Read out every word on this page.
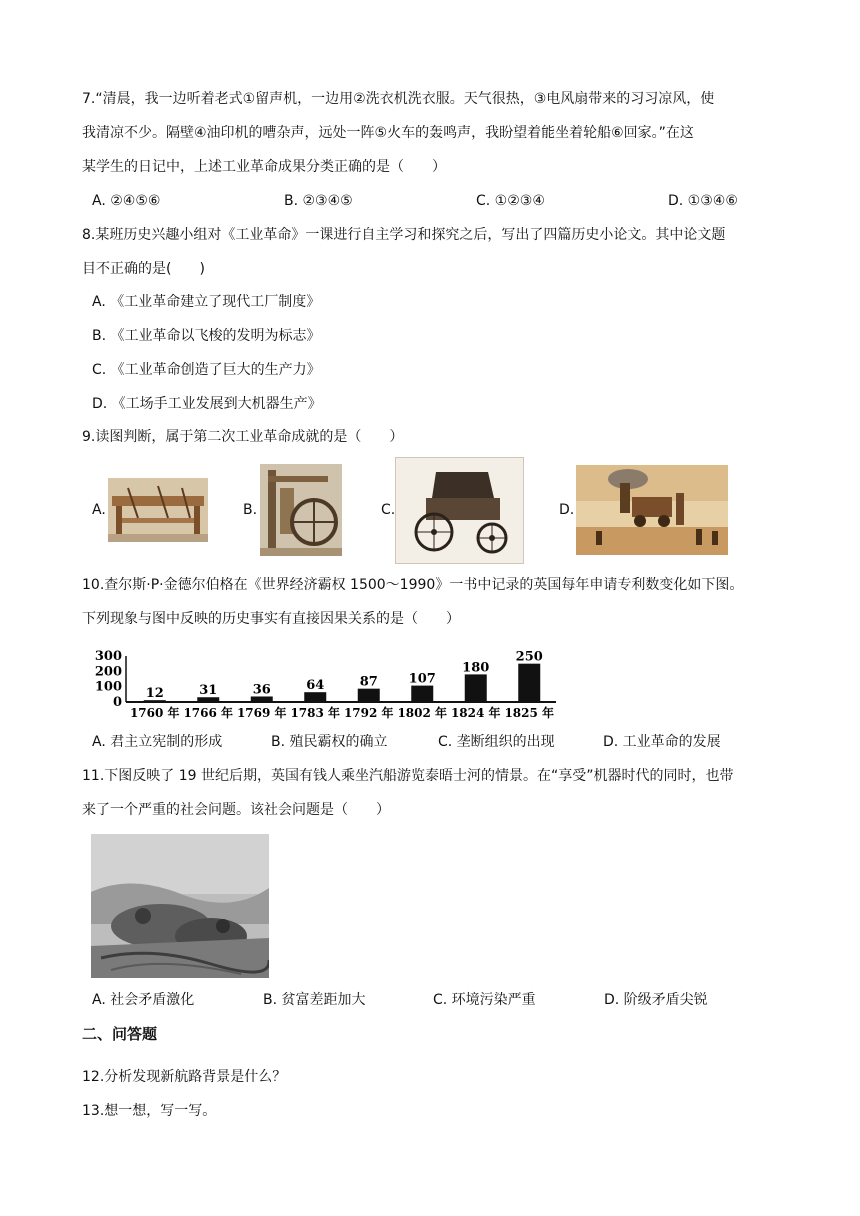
7.“清晨，我一边听着老式①留声机，一边用②洗衣机洗衣服。天气很热，③电风扇带来的习习凉风，使
我清凉不少。隔壁④油印机的嘈杂声，远处一阵⑤火车的轰鸣声，我盼望着能坐着轮船⑥回家。”在这
某学生的日记中，上述工业革命成果分类正确的是（　　）
A. ②④⑤⑥	B. ②③④⑤	C. ①②③④	D. ①③④⑥
8.某班历史兴趣小组对《工业革命》一课进行自主学习和探究之后，写出了四篇历史小论文。其中论文题
目不正确的是(　　)
A. 《工业革命建立了现代工厂制度》
B. 《工业革命以飞梭的发明为标志》
C. 《工业革命创造了巨大的生产力》
D. 《工场手工业发展到大机器生产》
9.读图判断，属于第二次工业革命成就的是（　　）
A.	B.	C.	D.
10.查尔斯·P·金德尔伯格在《世界经济霸权 1500～1990》一书中记录的英国每年申请专利数变化如下图。
下列现象与图中反映的历史事实有直接因果关系的是（　　）
300
200
100
0
12
1760 年
31
1766 年
36
1769 年
64
1783 年
87
1792 年
107
1802 年
180
1824 年
250
1825 年
A. 君主立宪制的形成	B. 殖民霸权的确立	C. 垄断组织的出现	D. 工业革命的发展
11.下图反映了 19 世纪后期，英国有钱人乘坐汽船游览泰晤士河的情景。在“享受”机器时代的同时，也带
来了一个严重的社会问题。该社会问题是（　　）
A. 社会矛盾激化	B. 贫富差距加大	C. 环境污染严重	D. 阶级矛盾尖锐
二、问答题
12.分析发现新航路背景是什么？
13.想一想，写一写。
